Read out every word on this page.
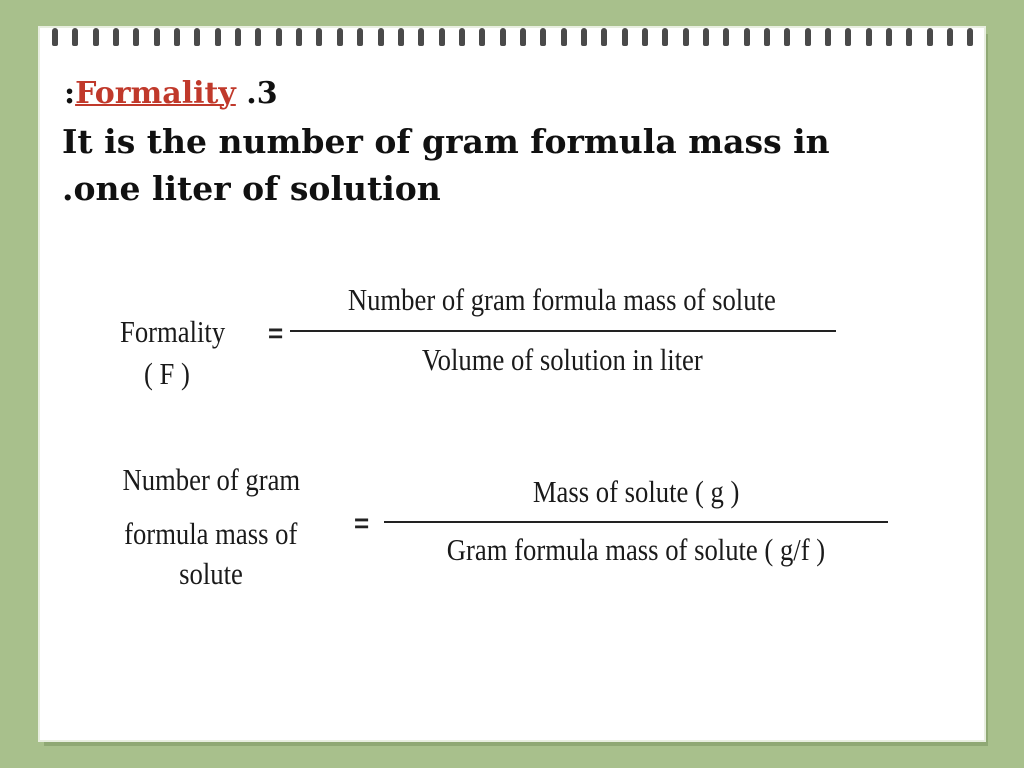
:Formality .3
It is the number of gram formula mass in
.one liter of solution
Formality
( F )
=
Number of gram formula mass of solute
Volume of solution in liter
Number of gram
formula mass of
solute
=
Mass of solute ( g )
Gram formula mass of solute ( g/f )
